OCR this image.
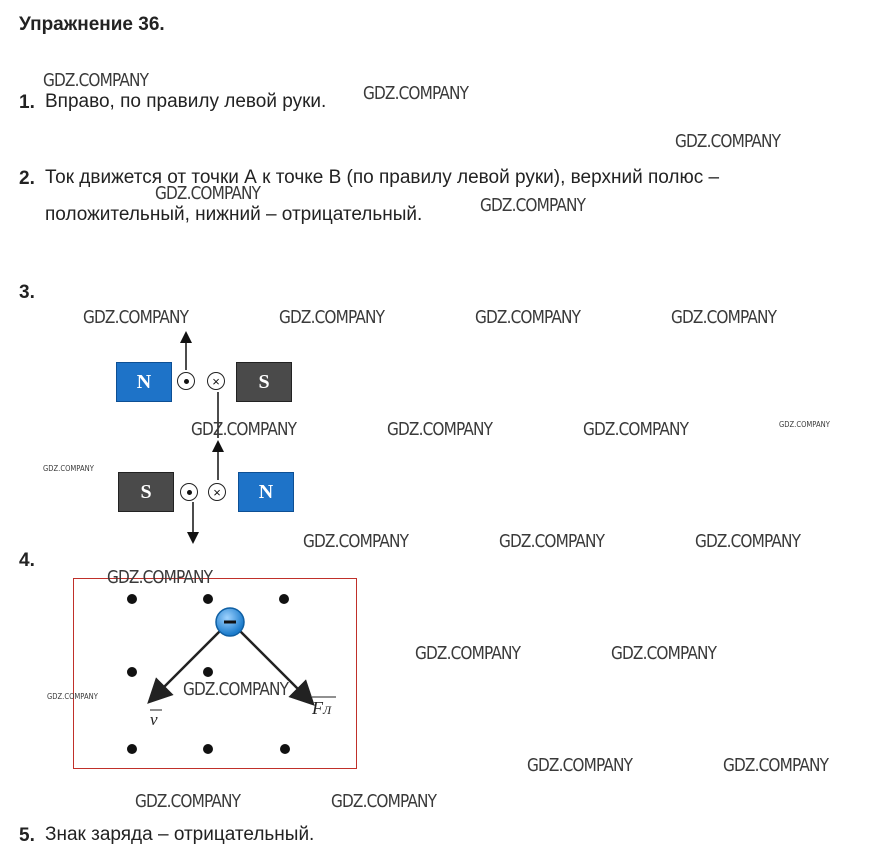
Упражнение 36.
1. Вправо, по правилу левой руки.
2. Ток движется от точки А к точке В (по правилу левой руки), верхний полюс –
положительный, нижний – отрицательный.
3.
N	×	S
S	×	N
4.
v
FЛ
5. Знак заряда – отрицательный.
GDZ.COMPANY
GDZ.COMPANY
GDZ.COMPANY
GDZ.COMPANY
GDZ.COMPANY
GDZ.COMPANY	GDZ.COMPANY	GDZ.COMPANY	GDZ.COMPANY
GDZ.COMPANY	GDZ.COMPANY	GDZ.COMPANY	GDZ.COMPANY
GDZ.COMPANY
GDZ.COMPANY	GDZ.COMPANY	GDZ.COMPANY
GDZ.COMPANY
GDZ.COMPANY	GDZ.COMPANY
GDZ.COMPANY	GDZ.COMPANY
GDZ.COMPANY	GDZ.COMPANY
GDZ.COMPANY	GDZ.COMPANY
